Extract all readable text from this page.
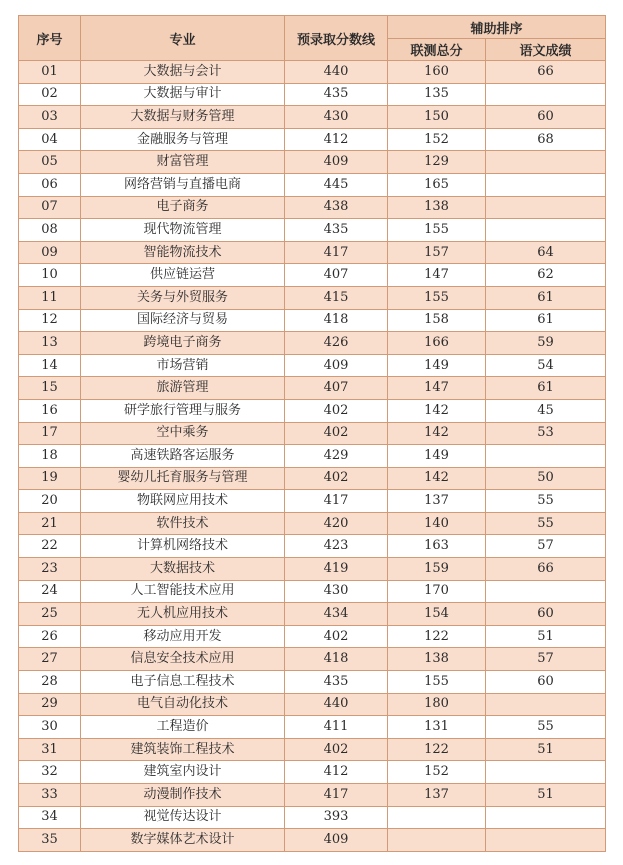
序号	专业	预录取分数线	辅助排序	
			联测总分	语文成绩
01	大数据与会计	440	160	66
02	大数据与审计	435	135	
03	大数据与财务管理	430	150	60
04	金融服务与管理	412	152	68
05	财富管理	409	129	
06	网络营销与直播电商	445	165	
07	电子商务	438	138	
08	现代物流管理	435	155	
09	智能物流技术	417	157	64
10	供应链运营	407	147	62
11	关务与外贸服务	415	155	61
12	国际经济与贸易	418	158	61
13	跨境电子商务	426	166	59
14	市场营销	409	149	54
15	旅游管理	407	147	61
16	研学旅行管理与服务	402	142	45
17	空中乘务	402	142	53
18	高速铁路客运服务	429	149	
19	婴幼儿托育服务与管理	402	142	50
20	物联网应用技术	417	137	55
21	软件技术	420	140	55
22	计算机网络技术	423	163	57
23	大数据技术	419	159	66
24	人工智能技术应用	430	170	
25	无人机应用技术	434	154	60
26	移动应用开发	402	122	51
27	信息安全技术应用	418	138	57
28	电子信息工程技术	435	155	60
29	电气自动化技术	440	180	
30	工程造价	411	131	55
31	建筑装饰工程技术	402	122	51
32	建筑室内设计	412	152	
33	动漫制作技术	417	137	51
34	视觉传达设计	393		
35	数字媒体艺术设计	409		
